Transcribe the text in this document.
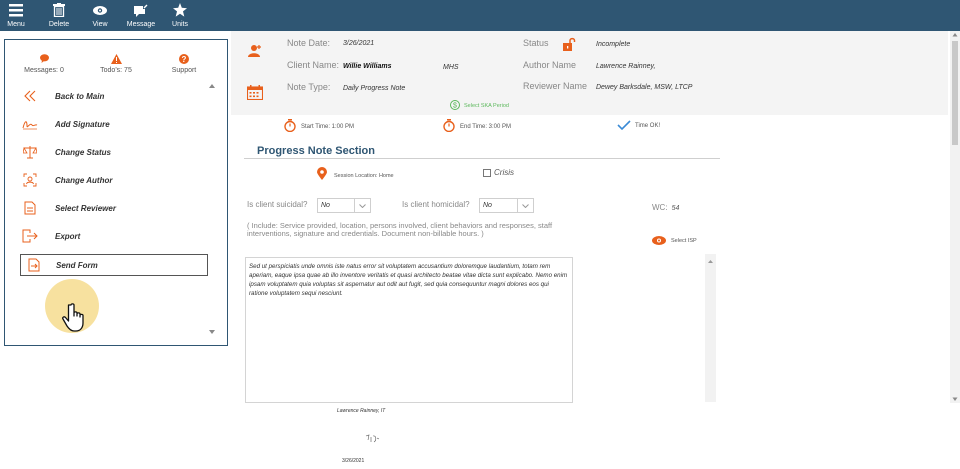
Menu	Delete	View	Message	Units
Messages: 0	Todo's: 75
?
Support
Back to Main
Add Signature
Change Status
Change Author
Select Reviewer
Export
Send Form
Note Date: 3/26/2021
Client Name: Willie Williams	MHS
Note Type: Daily Progress Note
$ Select SKA Period
Status	Incomplete
Author Name	Lawrence Rainney,
Reviewer Name Dewey Barksdale, MSW, LTCP
Start Time: 1:00 PM	End Time: 3:00 PM	Time OK!
Progress Note Section
Session Location: Home	Crisis
Is client suicidal? No	Is client homicidal? No	WC: 54
( Include: Service provided, location, persons involved, client behaviors and responses, staff interventions, signature and credentials. Document non-billable hours. )
Select ISP
Sed ut perspiciatis unde omnis iste natus error sit voluptatem accusantium doloremque laudantium, totam rem aperiam, eaque ipsa quae ab illo inventore veritatis et quasi architecto beatae vitae dicta sunt explicabo. Nemo enim ipsam voluptatem quia voluptas sit aspernatur aut odit aut fugit, sed quia consequuntur magni dolores eos qui ratione voluptatem sequi nesciunt.
Lawrence Rainney, IT
3/26/2021
